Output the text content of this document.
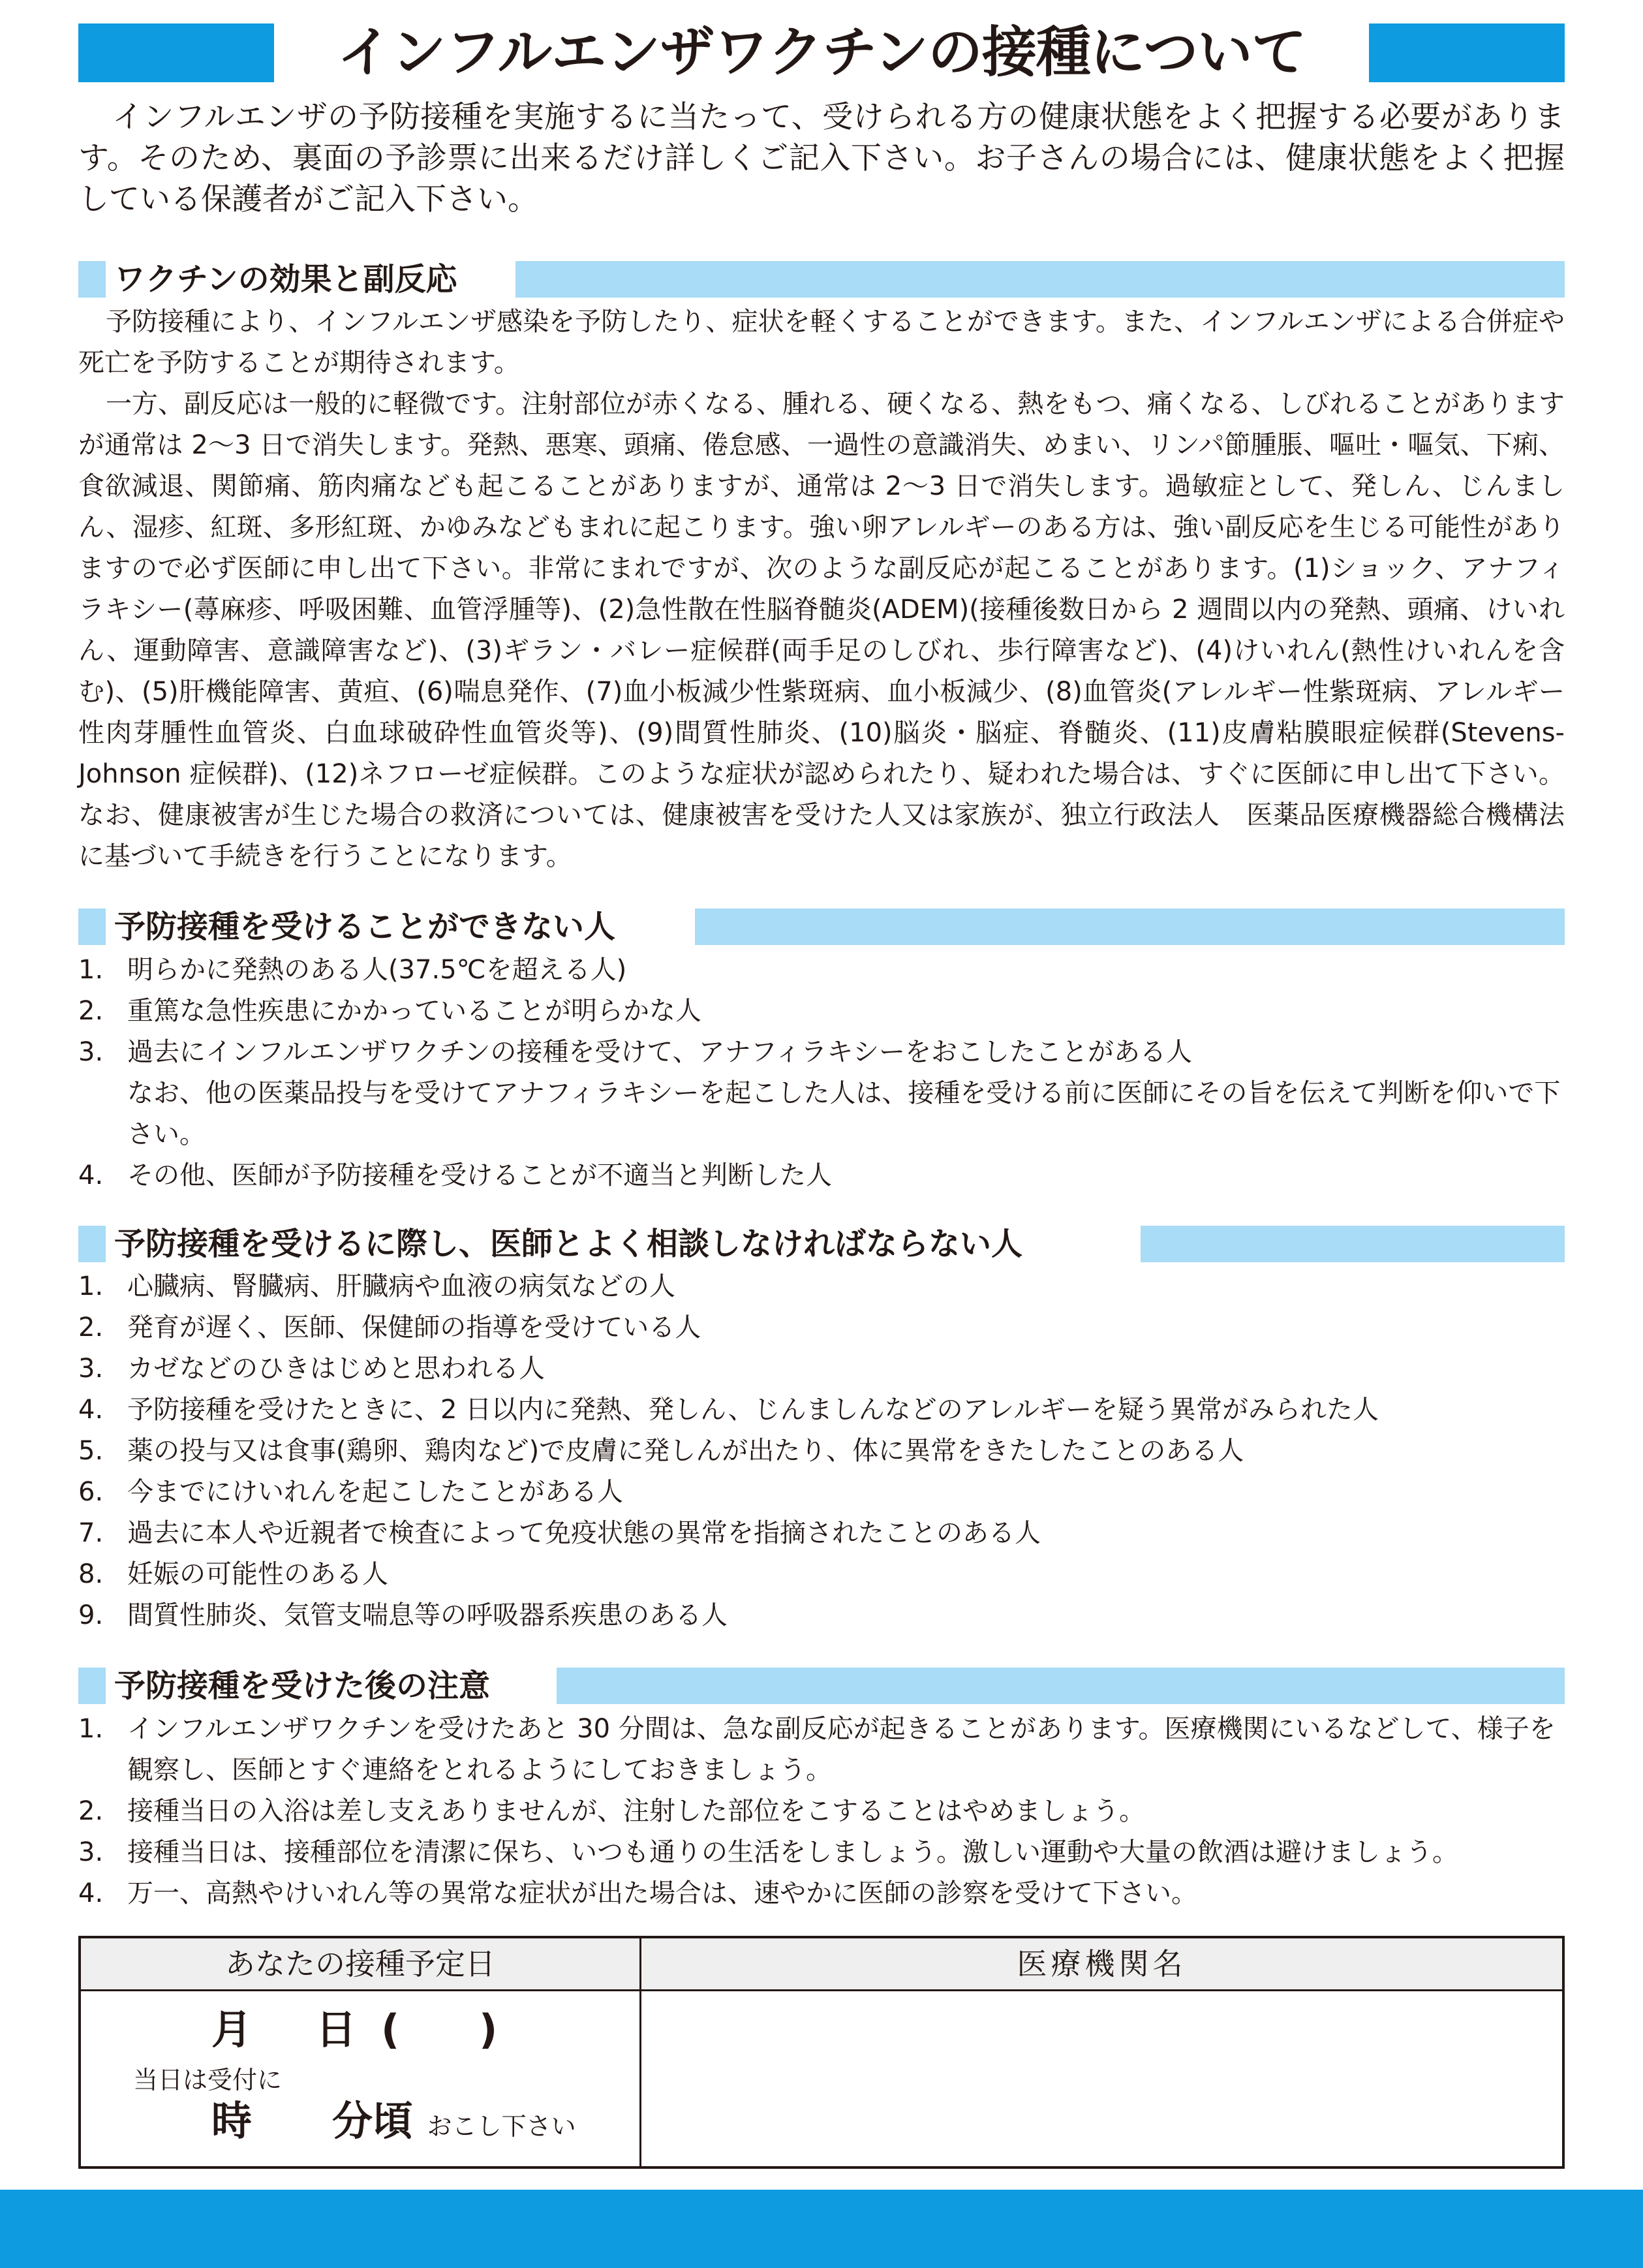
インフルエンザワクチンの接種について
インフルエンザの予防接種を実施するに当たって、受けられる方の健康状態をよく把握する必要があります。そのため、裏面の予診票に出来るだけ詳しくご記入下さい。お子さんの場合には、健康状態をよく把握している保護者がご記入下さい。
ワクチンの効果と副反応

予防接種により、インフルエンザ感染を予防したり、症状を軽くすることができます。また、インフルエンザによる合併症や死亡を予防することが期待されます。

一方、副反応は一般的に軽微です。注射部位が赤くなる、腫れる、硬くなる、熱をもつ、痛くなる、しびれることがありますが通常は 2〜3 日で消失します。発熱、悪寒、頭痛、倦怠感、一過性の意識消失、めまい、リンパ節腫脹、嘔吐・嘔気、下痢、食欲減退、関節痛、筋肉痛なども起こることがありますが、通常は 2〜3 日で消失します。過敏症として、発しん、じんましん、湿疹、紅斑、多形紅斑、かゆみなどもまれに起こります。強い卵アレルギーのある方は、強い副反応を生じる可能性がありますので必ず医師に申し出て下さい。非常にまれですが、次のような副反応が起こることがあります。(1)ショック、アナフィラキシー(蕁麻疹、呼吸困難、血管浮腫等)、(2)急性散在性脳脊髄炎(ADEM)(接種後数日から 2 週間以内の発熱、頭痛、けいれん、運動障害、意識障害など)、(3)ギラン・バレー症候群(両手足のしびれ、歩行障害など)、(4)けいれん(熱性けいれんを含む)、(5)肝機能障害、黄疸、(6)喘息発作、(7)血小板減少性紫斑病、血小板減少、(8)血管炎(アレルギー性紫斑病、アレルギー性肉芽腫性血管炎、白血球破砕性血管炎等)、(9)間質性肺炎、(10)脳炎・脳症、脊髄炎、(11)皮膚粘膜眼症候群(Stevens-Johnson 症候群)、(12)ネフローゼ症候群。このような症状が認められたり、疑われた場合は、すぐに医師に申し出て下さい。なお、健康被害が生じた場合の救済については、健康被害を受けた人又は家族が、独立行政法人　医薬品医療機器総合機構法に基づいて手続きを行うことになります。

予防接種を受けることができない人
1. 明らかに発熱のある人(37.5℃を超える人)
2. 重篤な急性疾患にかかっていることが明らかな人
3. 過去にインフルエンザワクチンの接種を受けて、アナフィラキシーをおこしたことがある人
なお、他の医薬品投与を受けてアナフィラキシーを起こした人は、接種を受ける前に医師にその旨を伝えて判断を仰いで下さい。
4. その他、医師が予防接種を受けることが不適当と判断した人
予防接種を受けるに際し、医師とよく相談しなければならない人
1. 心臓病、腎臓病、肝臓病や血液の病気などの人
2. 発育が遅く、医師、保健師の指導を受けている人
3. カゼなどのひきはじめと思われる人
4. 予防接種を受けたときに、2 日以内に発熱、発しん、じんましんなどのアレルギーを疑う異常がみられた人
5. 薬の投与又は食事(鶏卵、鶏肉など)で皮膚に発しんが出たり、体に異常をきたしたことのある人
6. 今までにけいれんを起こしたことがある人
7. 過去に本人や近親者で検査によって免疫状態の異常を指摘されたことのある人
8. 妊娠の可能性のある人
9. 間質性肺炎、気管支喘息等の呼吸器系疾患のある人
予防接種を受けた後の注意
1. インフルエンザワクチンを受けたあと 30 分間は、急な副反応が起きることがあります。医療機関にいるなどして、様子を観察し、医師とすぐ連絡をとれるようにしておきましょう。
2. 接種当日の入浴は差し支えありませんが、注射した部位をこすることはやめましょう。
3. 接種当日は、接種部位を清潔に保ち、いつも通りの生活をしましょう。激しい運動や大量の飲酒は避けましょう。
4. 万一、高熱やけいれん等の異常な症状が出た場合は、速やかに医師の診察を受けて下さい。
あなたの接種予定日	医療機関名
月 日 ( )
当日は受付に
時 分頃 おこし下さい
